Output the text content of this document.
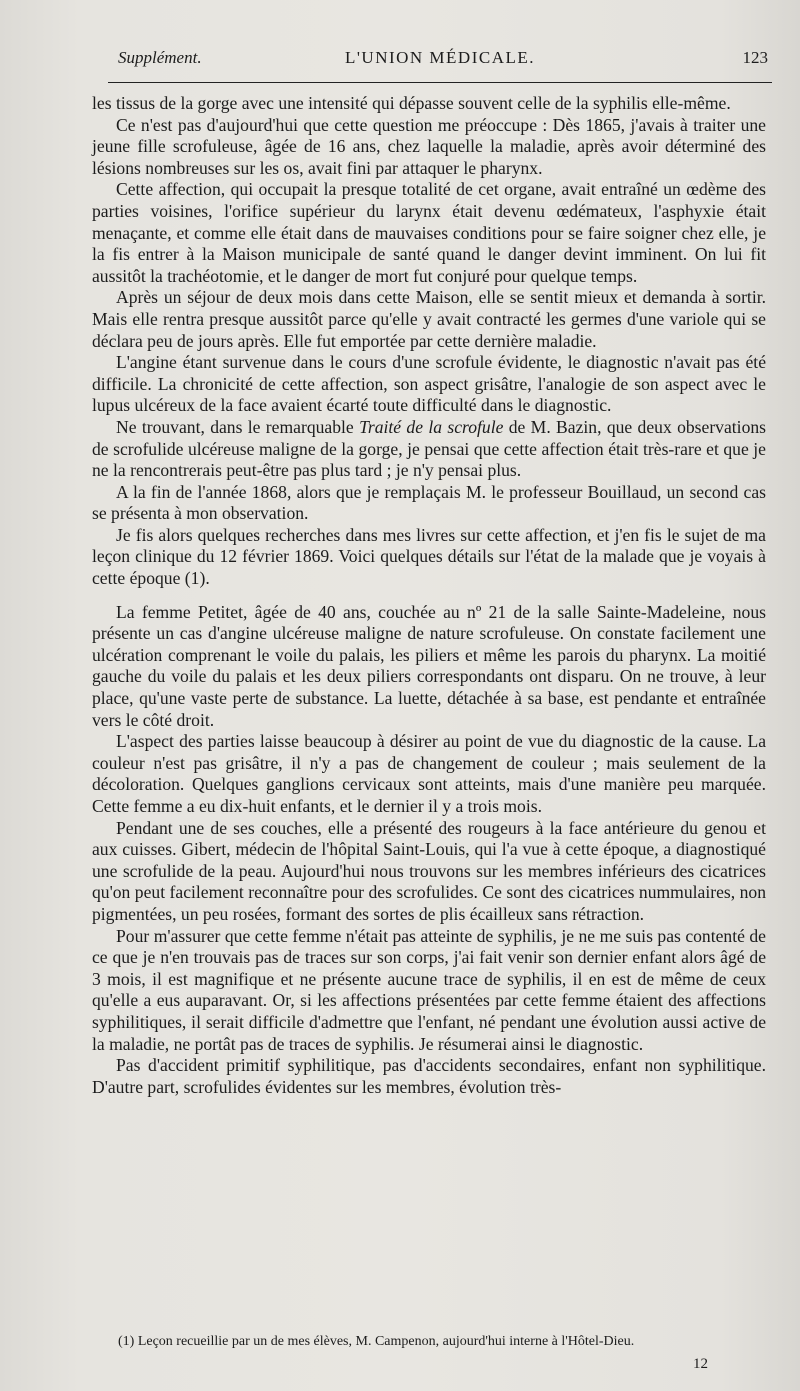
Supplément.	L'UNION MÉDICALE.	123

les tissus de la gorge avec une intensité qui dépasse souvent celle de la syphilis elle-même.

Ce n'est pas d'aujourd'hui que cette question me préoccupe : Dès 1865, j'avais à traiter une jeune fille scrofuleuse, âgée de 16 ans, chez laquelle la maladie, après avoir déterminé des lésions nombreuses sur les os, avait fini par attaquer le pharynx.

Cette affection, qui occupait la presque totalité de cet organe, avait entraîné un œdème des parties voisines, l'orifice supérieur du larynx était devenu œdémateux, l'asphyxie était menaçante, et comme elle était dans de mauvaises conditions pour se faire soigner chez elle, je la fis entrer à la Maison municipale de santé quand le danger devint imminent. On lui fit aussitôt la trachéotomie, et le danger de mort fut conjuré pour quelque temps.

Après un séjour de deux mois dans cette Maison, elle se sentit mieux et demanda à sortir. Mais elle rentra presque aussitôt parce qu'elle y avait contracté les germes d'une variole qui se déclara peu de jours après. Elle fut emportée par cette dernière maladie.

L'angine étant survenue dans le cours d'une scrofule évidente, le diagnostic n'avait pas été difficile. La chronicité de cette affection, son aspect grisâtre, l'analogie de son aspect avec le lupus ulcéreux de la face avaient écarté toute difficulté dans le diagnostic.

Ne trouvant, dans le remarquable Traité de la scrofule de M. Bazin, que deux observations de scrofulide ulcéreuse maligne de la gorge, je pensai que cette affection était très-rare et que je ne la rencontrerais peut-être pas plus tard ; je n'y pensai plus.

A la fin de l'année 1868, alors que je remplaçais M. le professeur Bouillaud, un second cas se présenta à mon observation.

Je fis alors quelques recherches dans mes livres sur cette affection, et j'en fis le sujet de ma leçon clinique du 12 février 1869. Voici quelques détails sur l'état de la malade que je voyais à cette époque (1).

La femme Petitet, âgée de 40 ans, couchée au nº 21 de la salle Sainte-Madeleine, nous présente un cas d'angine ulcéreuse maligne de nature scrofuleuse. On constate facilement une ulcération comprenant le voile du palais, les piliers et même les parois du pharynx. La moitié gauche du voile du palais et les deux piliers correspondants ont disparu. On ne trouve, à leur place, qu'une vaste perte de substance. La luette, détachée à sa base, est pendante et entraînée vers le côté droit.

L'aspect des parties laisse beaucoup à désirer au point de vue du diagnostic de la cause. La couleur n'est pas grisâtre, il n'y a pas de changement de couleur ; mais seulement de la décoloration. Quelques ganglions cervicaux sont atteints, mais d'une manière peu marquée. Cette femme a eu dix-huit enfants, et le dernier il y a trois mois.

Pendant une de ses couches, elle a présenté des rougeurs à la face antérieure du genou et aux cuisses. Gibert, médecin de l'hôpital Saint-Louis, qui l'a vue à cette époque, a diagnostiqué une scrofulide de la peau. Aujourd'hui nous trouvons sur les membres inférieurs des cicatrices qu'on peut facilement reconnaître pour des scrofulides. Ce sont des cicatrices nummulaires, non pigmentées, un peu rosées, formant des sortes de plis écailleux sans rétraction.

Pour m'assurer que cette femme n'était pas atteinte de syphilis, je ne me suis pas contenté de ce que je n'en trouvais pas de traces sur son corps, j'ai fait venir son dernier enfant alors âgé de 3 mois, il est magnifique et ne présente aucune trace de syphilis, il en est de même de ceux qu'elle a eus auparavant. Or, si les affections présentées par cette femme étaient des affections syphilitiques, il serait difficile d'admettre que l'enfant, né pendant une évolution aussi active de la maladie, ne portât pas de traces de syphilis. Je résumerai ainsi le diagnostic.

Pas d'accident primitif syphilitique, pas d'accidents secondaires, enfant non syphilitique. D'autre part, scrofulides évidentes sur les membres, évolution très-

(1) Leçon recueillie par un de mes élèves, M. Campenon, aujourd'hui interne à l'Hôtel-Dieu.
12
